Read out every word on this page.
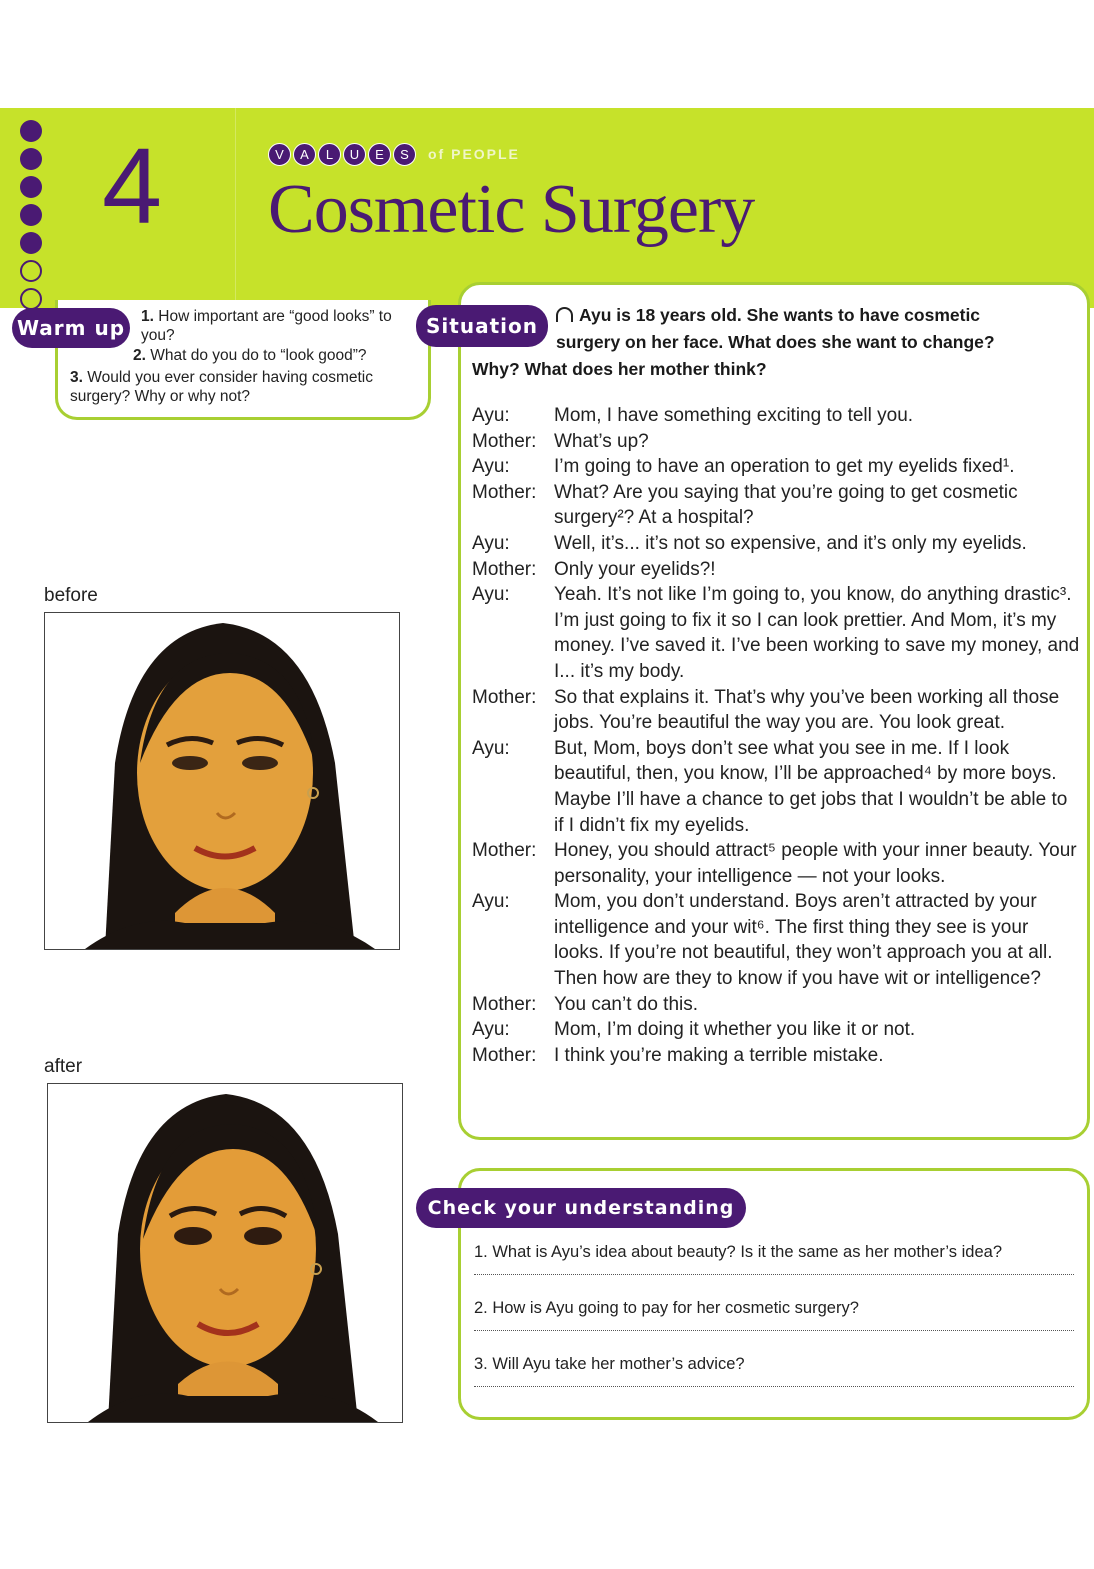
4	V	A	L	U	E	S	of PEOPLE
Cosmetic Surgery
Warm up	1. How important are “good looks” to you?
2. What do you do to “look good”?
3. Would you ever consider having cosmetic surgery? Why or why not?
Situation	Ayu is 18 years old. She wants to have cosmetic
surgery on her face. What does she want to change?
Why? What does her mother think?
Ayu:	Mom, I have something exciting to tell you.
Mother: What’s up?
Ayu:	I’m going to have an operation to get my eyelids fixed¹.
Mother: What? Are you saying that you’re going to get cosmetic surgery²? At a hospital?
Ayu:	Well, it’s... it’s not so expensive, and it’s only my eyelids.
Mother: Only your eyelids?!
Ayu:	Yeah. It’s not like I’m going to, you know, do anything drastic³. I’m just going to fix it so I can look prettier. And Mom, it’s my money. I’ve saved it. I’ve been working to save my money, and I... it’s my body.
Mother: So that explains it. That’s why you’ve been working all those jobs. You’re beautiful the way you are. You look great.
Ayu:	But, Mom, boys don’t see what you see in me. If I look beautiful, then, you know, I’ll be approached⁴ by more boys. Maybe I’ll have a chance to get jobs that I wouldn’t be able to if I didn’t fix my eyelids.
Mother: Honey, you should attract⁵ people with your inner beauty. Your personality, your intelligence — not your looks.
Ayu:	Mom, you don’t understand. Boys aren’t attracted by your intelligence and your wit⁶. The first thing they see is your looks. If you’re not beautiful, they won’t approach you at all. Then how are they to know if you have wit or intelligence?
Mother: You can’t do this.
Ayu:	Mom, I’m doing it whether you like it or not.
Mother: I think you’re making a terrible mistake.
before
after
Check your understanding
1. What is Ayu’s idea about beauty? Is it the same as her mother’s idea?
2. How is Ayu going to pay for her cosmetic surgery?
3. Will Ayu take her mother’s advice?
